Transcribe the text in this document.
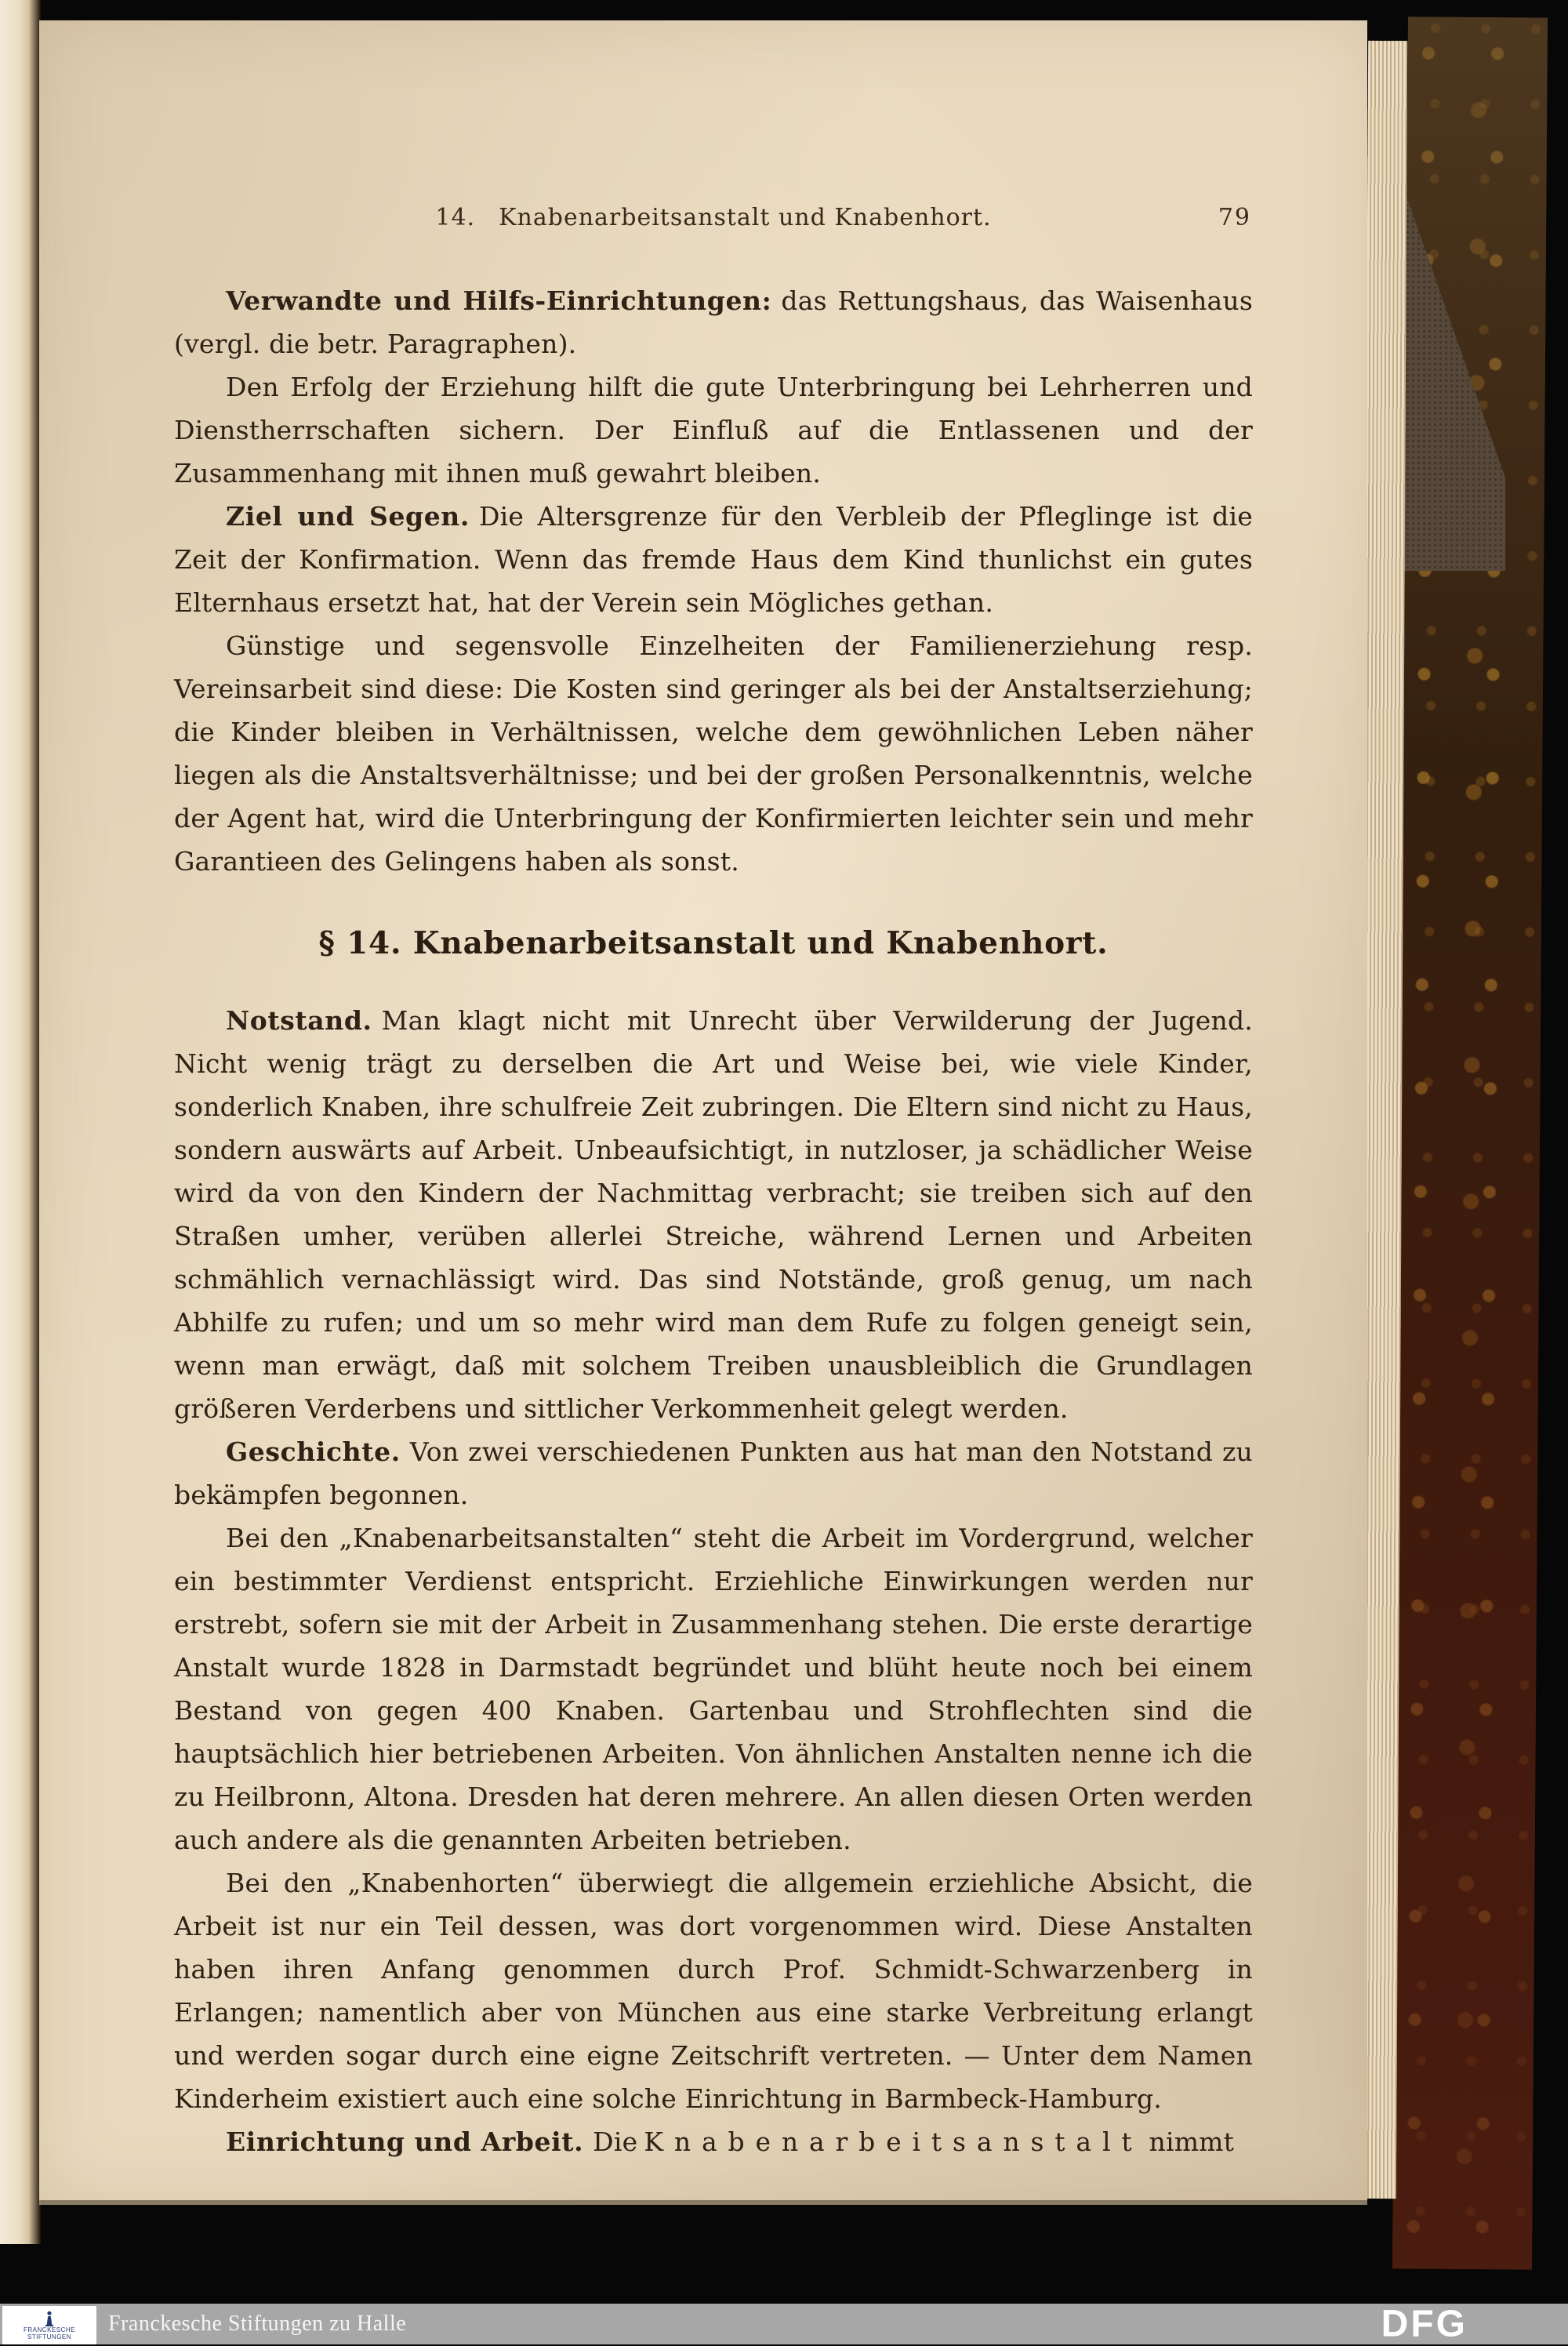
14. Knabenarbeitsanstalt und Knabenhort.	79

Verwandte und Hilfs-Einrichtungen: das Rettungshaus, das Waisenhaus (vergl. die betr. Paragraphen).

Den Erfolg der Erziehung hilft die gute Unterbringung bei Lehrherren und Dienstherrschaften sichern. Der Einfluß auf die Entlassenen und der Zusammenhang mit ihnen muß gewahrt bleiben.

Ziel und Segen. Die Altersgrenze für den Verbleib der Pfleglinge ist die Zeit der Konfirmation. Wenn das fremde Haus dem Kind thunlichst ein gutes Elternhaus ersetzt hat, hat der Verein sein Mögliches gethan.

Günstige und segensvolle Einzelheiten der Familienerziehung resp. Vereinsarbeit sind diese: Die Kosten sind geringer als bei der Anstaltserziehung; die Kinder bleiben in Verhältnissen, welche dem gewöhnlichen Leben näher liegen als die Anstaltsverhältnisse; und bei der großen Personalkenntnis, welche der Agent hat, wird die Unterbringung der Konfirmierten leichter sein und mehr Garantieen des Gelingens haben als sonst.

§ 14. Knabenarbeitsanstalt und Knabenhort.

Notstand. Man klagt nicht mit Unrecht über Verwilderung der Jugend. Nicht wenig trägt zu derselben die Art und Weise bei, wie viele Kinder, sonderlich Knaben, ihre schulfreie Zeit zubringen. Die Eltern sind nicht zu Haus, sondern auswärts auf Arbeit. Unbeaufsichtigt, in nutzloser, ja schädlicher Weise wird da von den Kindern der Nachmittag verbracht; sie treiben sich auf den Straßen umher, verüben allerlei Streiche, während Lernen und Arbeiten schmählich vernachlässigt wird. Das sind Notstände, groß genug, um nach Abhilfe zu rufen; und um so mehr wird man dem Rufe zu folgen geneigt sein, wenn man erwägt, daß mit solchem Treiben unausbleiblich die Grundlagen größeren Verderbens und sittlicher Verkommenheit gelegt werden.

Geschichte. Von zwei verschiedenen Punkten aus hat man den Notstand zu bekämpfen begonnen.

Bei den „Knabenarbeitsanstalten“ steht die Arbeit im Vordergrund, welcher ein bestimmter Verdienst entspricht. Erziehliche Einwirkungen werden nur erstrebt, sofern sie mit der Arbeit in Zusammenhang stehen. Die erste derartige Anstalt wurde 1828 in Darmstadt begründet und blüht heute noch bei einem Bestand von gegen 400 Knaben. Gartenbau und Strohflechten sind die hauptsächlich hier betriebenen Arbeiten. Von ähnlichen Anstalten nenne ich die zu Heilbronn, Altona. Dresden hat deren mehrere. An allen diesen Orten werden auch andere als die genannten Arbeiten betrieben.

Bei den „Knabenhorten“ überwiegt die allgemein erziehliche Absicht, die Arbeit ist nur ein Teil dessen, was dort vorgenommen wird. Diese Anstalten haben ihren Anfang genommen durch Prof. Schmidt-Schwarzenberg in Erlangen; namentlich aber von München aus eine starke Verbreitung erlangt und werden sogar durch eine eigne Zeitschrift vertreten. — Unter dem Namen Kinderheim existiert auch eine solche Einrichtung in Barmbeck-Hamburg.

Einrichtung und Arbeit. Die Knabenarbeitsanstalt nimmt

FRANCKESCHE
STIFTUNGEN
Franckesche Stiftungen zu Halle	DFG
